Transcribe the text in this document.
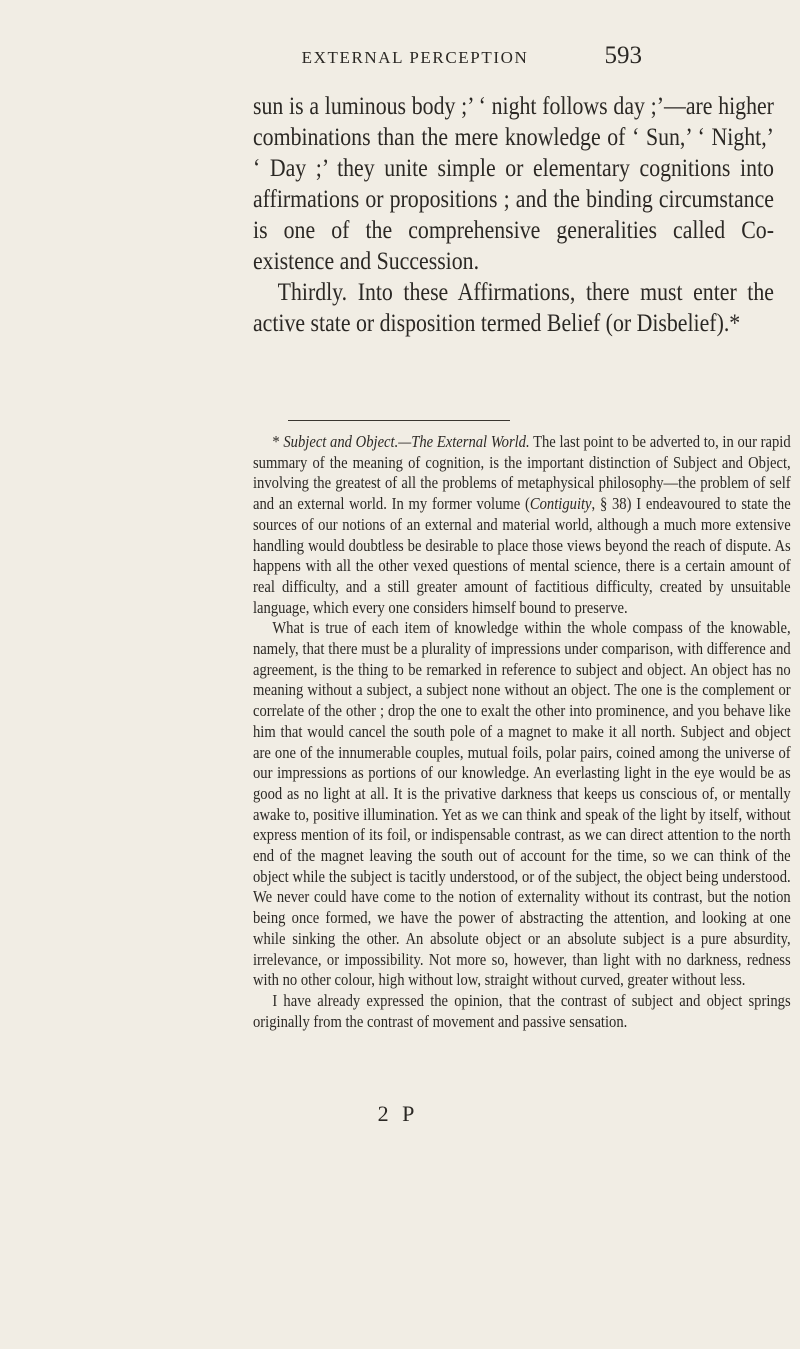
EXTERNAL PERCEPTION	593

sun is a luminous body ;’ ‘ night follows day ;’—are higher combinations than the mere knowledge of ‘ Sun,’ ‘ Night,’ ‘ Day ;’ they unite simple or elementary cognitions into affirmations or propositions ; and the binding circumstance is one of the comprehensive generalities called Co-existence and Succession.

Thirdly. Into these Affirmations, there must enter the active state or disposition termed Belief (or Disbelief).*

* Subject and Object.—The External World. The last point to be adverted to, in our rapid summary of the meaning of cognition, is the important distinction of Subject and Object, involving the greatest of all the problems of metaphysical philosophy—the problem of self and an external world. In my former volume (Contiguity, § 38) I endeavoured to state the sources of our notions of an external and material world, although a much more extensive handling would doubtless be desirable to place those views beyond the reach of dispute. As happens with all the other vexed questions of mental science, there is a certain amount of real difficulty, and a still greater amount of factitious difficulty, created by unsuitable language, which every one considers himself bound to preserve.

What is true of each item of knowledge within the whole compass of the knowable, namely, that there must be a plurality of impressions under comparison, with difference and agreement, is the thing to be remarked in reference to subject and object. An object has no meaning without a subject, a subject none without an object. The one is the complement or correlate of the other ; drop the one to exalt the other into prominence, and you behave like him that would cancel the south pole of a magnet to make it all north. Subject and object are one of the innumerable couples, mutual foils, polar pairs, coined among the universe of our impressions as portions of our knowledge. An everlasting light in the eye would be as good as no light at all. It is the privative darkness that keeps us conscious of, or mentally awake to, positive illumination. Yet as we can think and speak of the light by itself, without express mention of its foil, or indispensable contrast, as we can direct attention to the north end of the magnet leaving the south out of account for the time, so we can think of the object while the subject is tacitly understood, or of the subject, the object being understood. We never could have come to the notion of externality without its contrast, but the notion being once formed, we have the power of abstracting the attention, and looking at one while sinking the other. An absolute object or an absolute subject is a pure absurdity, irrelevance, or impossibility. Not more so, however, than light with no darkness, redness with no other colour, high without low, straight without curved, greater without less.

I have already expressed the opinion, that the contrast of subject and object springs originally from the contrast of movement and passive sensation.

2 P
